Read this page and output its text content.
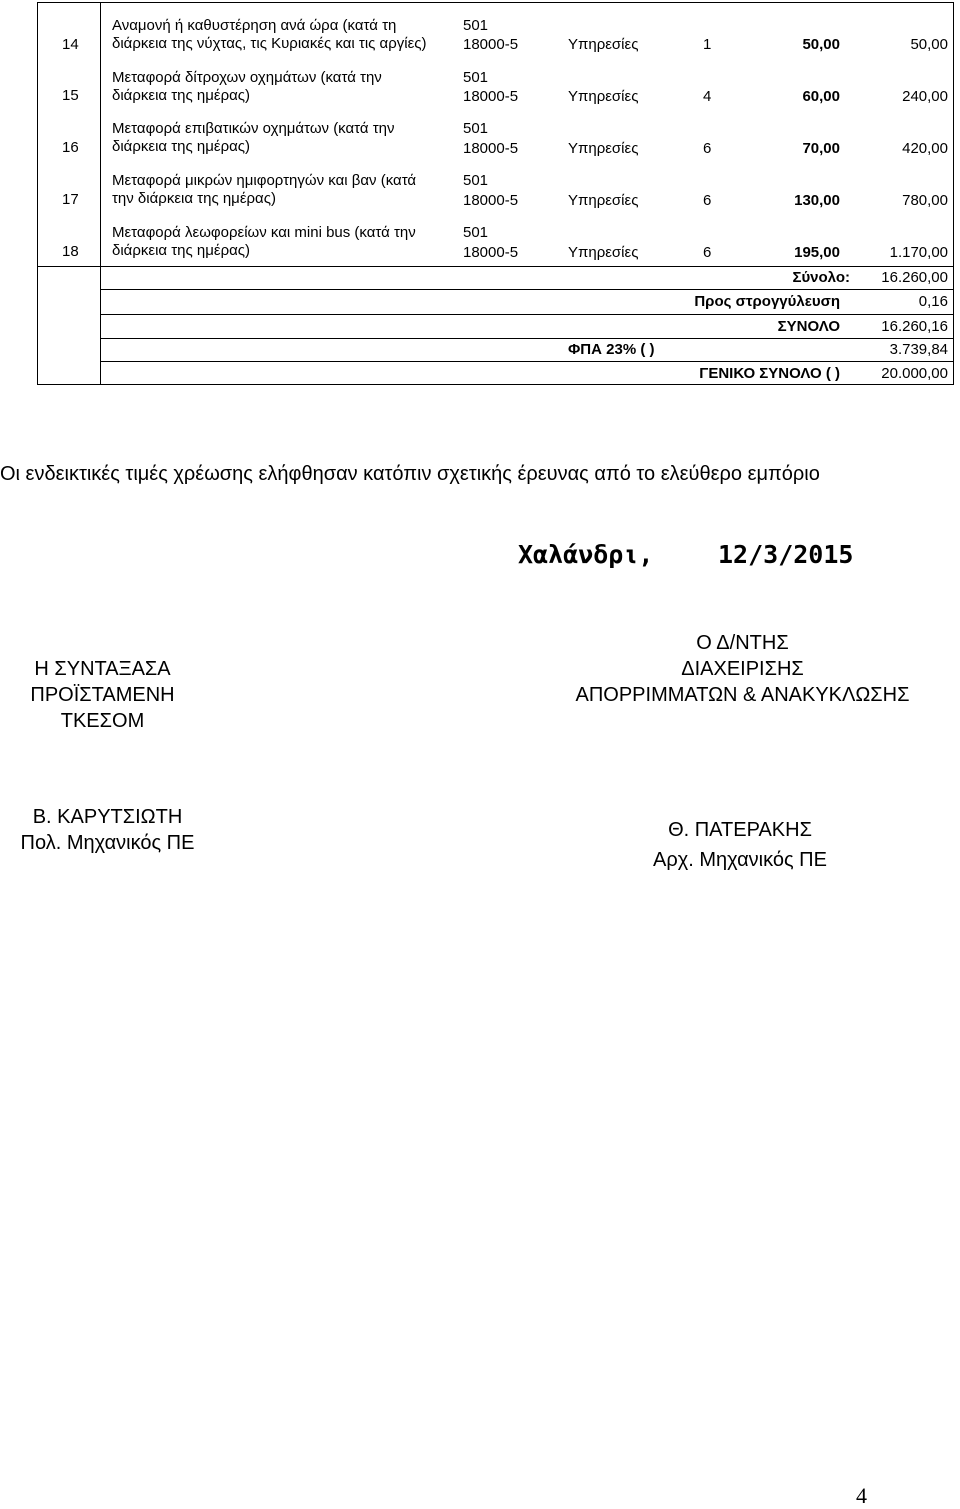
14
Αναμονή ή καθυστέρηση ανά ώρα (κατά τη
διάρκεια της νύχτας, τις Κυριακές και τις αργίες)
501
18000-5	Υπηρεσίες	1	50,00	50,00
15
Μεταφορά δίτροχων οχημάτων (κατά την
διάρκεια της ημέρας)
501
18000-5	Υπηρεσίες	4	60,00	240,00
16
Μεταφορά επιβατικών οχημάτων (κατά την
διάρκεια της ημέρας)
501
18000-5	Υπηρεσίες	6	70,00	420,00
17
Μεταφορά μικρών ημιφορτηγών και βαν (κατά
την διάρκεια της ημέρας)
501
18000-5	Υπηρεσίες	6	130,00	780,00
18
Μεταφορά λεωφορείων και mini bus (κατά την
διάρκεια της ημέρας)
501
18000-5	Υπηρεσίες	6	195,00	1.170,00
Σύνολο:	16.260,00
Προς στρογγύλευση	0,16
ΣΥΝΟΛΟ	16.260,16
ΦΠΑ 23% ( )	3.739,84
ΓΕΝΙΚΟ ΣΥΝΟΛΟ ( )	20.000,00
Οι ενδεικτικές τιμές χρέωσης ελήφθησαν κατόπιν σχετικής έρευνας από το ελεύθερο εμπόριο
Χαλάνδρι,	12/3/2015
Η ΣΥΝΤΑΞΑΣΑ
ΠΡΟΪΣΤΑΜΕΝΗ
ΤΚΕΣΟΜ
Ο Δ/ΝΤΗΣ
ΔΙΑΧΕΙΡΙΣΗΣ
ΑΠΟΡΡΙΜΜΑΤΩΝ & ΑΝΑΚΥΚΛΩΣΗΣ
Β. ΚΑΡΥΤΣΙΩΤΗ
Πολ. Μηχανικός ΠΕ
Θ. ΠΑΤΕΡΑΚΗΣ
Αρχ. Μηχανικός ΠΕ
4
